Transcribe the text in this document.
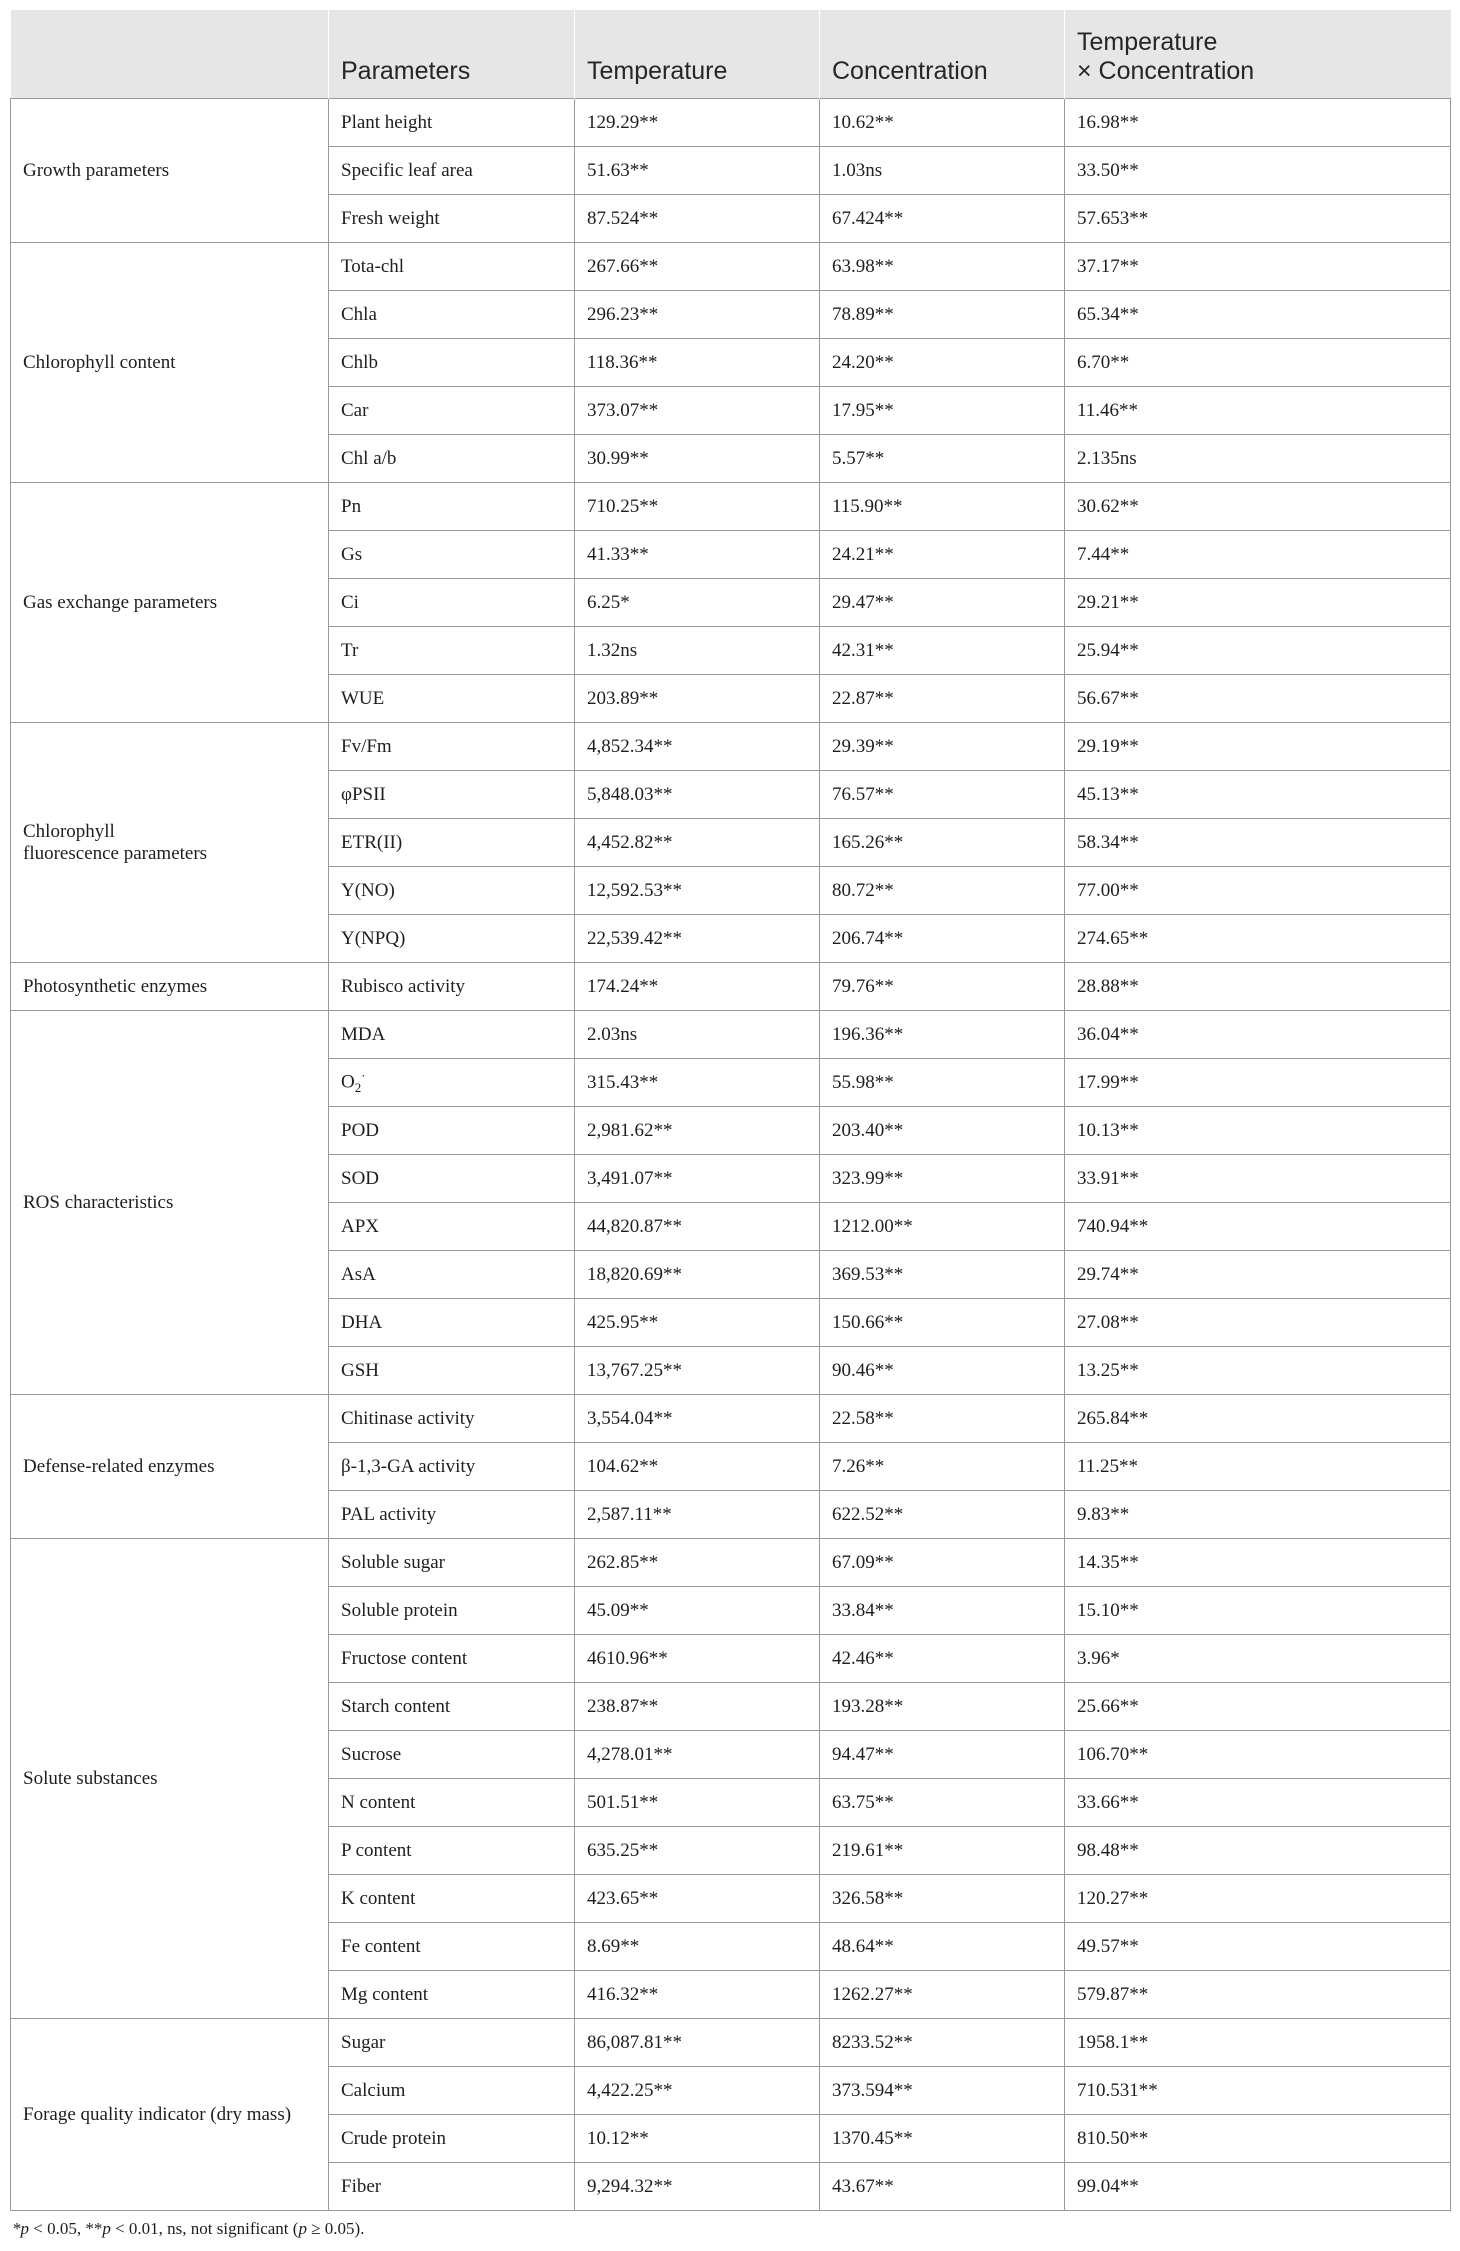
	Parameters	Temperature	Concentration	Temperature
× Concentration
Growth parameters	Plant height	129.29**	10.62**	16.98**
	Specific leaf area	51.63**	1.03ns	33.50**
	Fresh weight	87.524**	67.424**	57.653**
Chlorophyll content	Tota-chl	267.66**	63.98**	37.17**
	Chla	296.23**	78.89**	65.34**
	Chlb	118.36**	24.20**	6.70**
	Car	373.07**	17.95**	11.46**
	Chl a/b	30.99**	5.57**	2.135ns
Gas exchange parameters	Pn	710.25**	115.90**	30.62**
	Gs	41.33**	24.21**	7.44**
	Ci	6.25*	29.47**	29.21**
	Tr	1.32ns	42.31**	25.94**
	WUE	203.89**	22.87**	56.67**
Chlorophyll
fluorescence parameters	Fv/Fm	4,852.34**	29.39**	29.19**
	φPSII	5,848.03**	76.57**	45.13**
	ETR(II)	4,452.82**	165.26**	58.34**
	Y(NO)	12,592.53**	80.72**	77.00**
	Y(NPQ)	22,539.42**	206.74**	274.65**
Photosynthetic enzymes	Rubisco activity	174.24**	79.76**	28.88**
ROS characteristics	MDA	2.03ns	196.36**	36.04**
	$O_2^\cdot$	315.43**	55.98**	17.99**
	POD	2,981.62**	203.40**	10.13**
	SOD	3,491.07**	323.99**	33.91**
	APX	44,820.87**	1212.00**	740.94**
	AsA	18,820.69**	369.53**	29.74**
	DHA	425.95**	150.66**	27.08**
	GSH	13,767.25**	90.46**	13.25**
Defense-related enzymes	Chitinase activity	3,554.04**	22.58**	265.84**
	β-1,3-GA activity	104.62**	7.26**	11.25**
	PAL activity	2,587.11**	622.52**	9.83**
Solute substances	Soluble sugar	262.85**	67.09**	14.35**
	Soluble protein	45.09**	33.84**	15.10**
	Fructose content	4610.96**	42.46**	3.96*
	Starch content	238.87**	193.28**	25.66**
	Sucrose	4,278.01**	94.47**	106.70**
	N content	501.51**	63.75**	33.66**
	P content	635.25**	219.61**	98.48**
	K content	423.65**	326.58**	120.27**
	Fe content	8.69**	48.64**	49.57**
	Mg content	416.32**	1262.27**	579.87**
Forage quality indicator (dry mass)	Sugar	86,087.81**	8233.52**	1958.1**
	Calcium	4,422.25**	373.594**	710.531**
	Crude protein	10.12**	1370.45**	810.50**
	Fiber	9,294.32**	43.67**	99.04**
*p < 0.05, **p < 0.01, ns, not significant (p ≥ 0.05).
